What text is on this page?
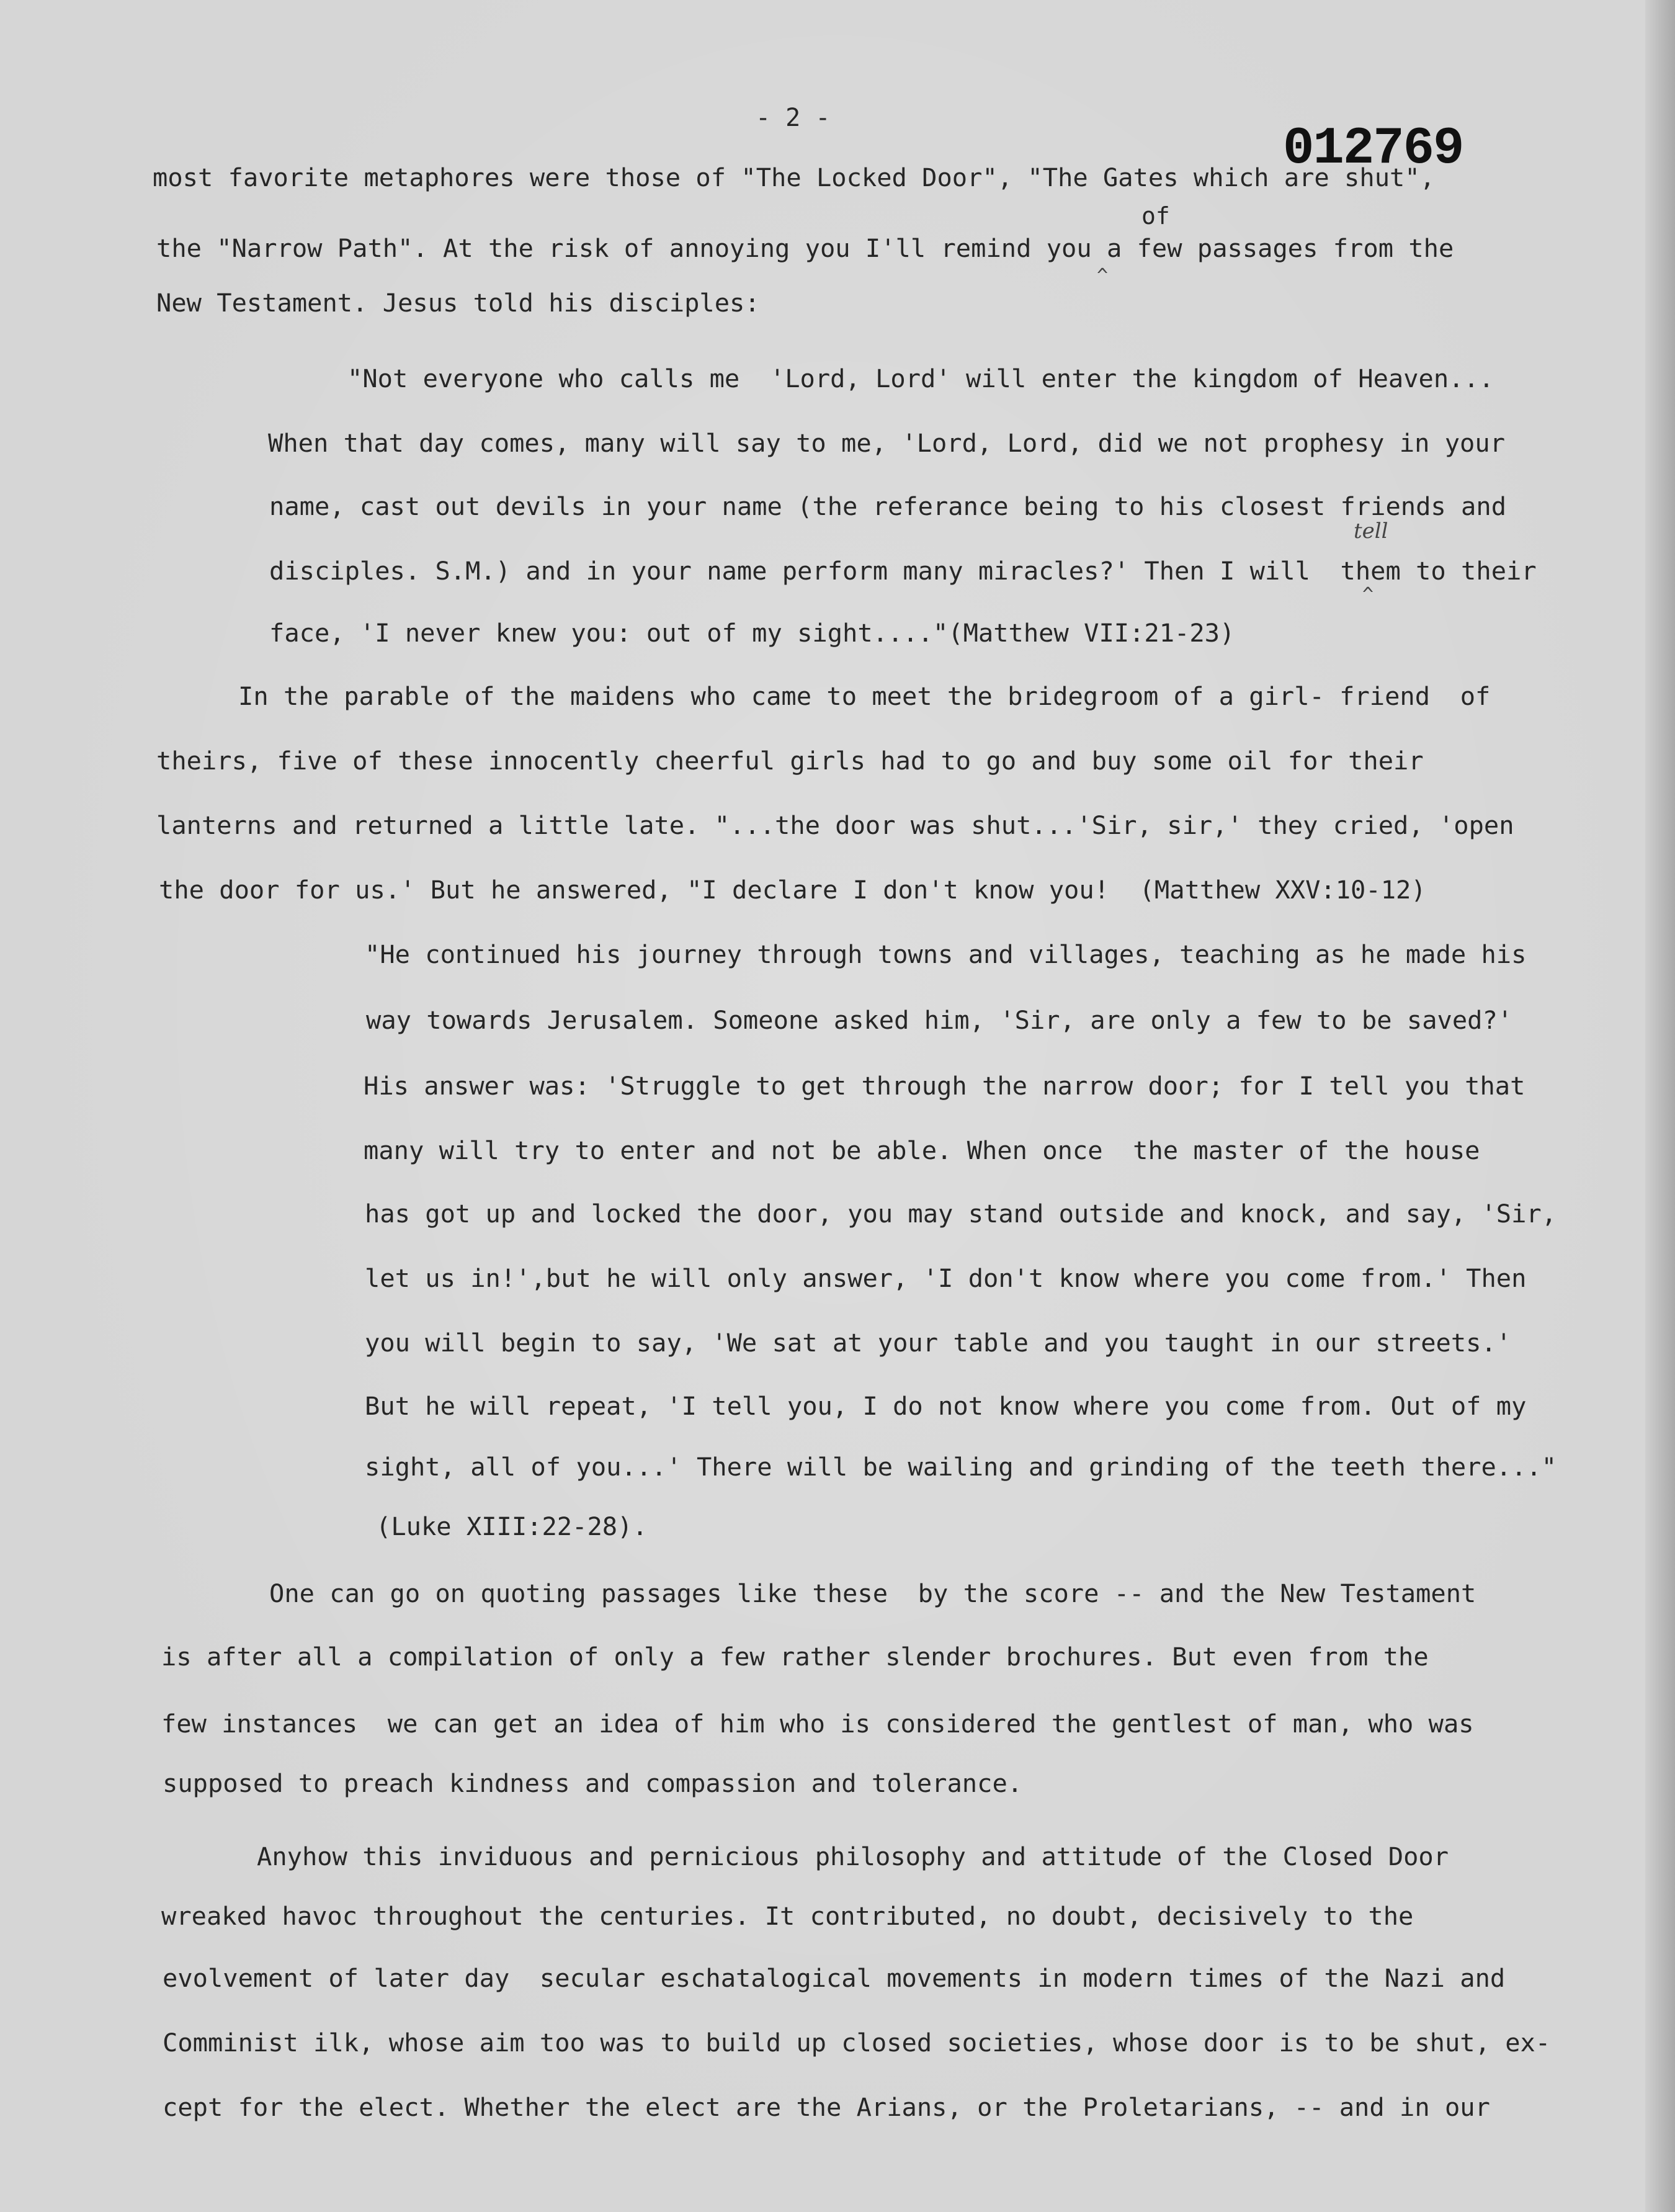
- 2 -
012769
most favorite metaphores were those of "The Locked Door", "The Gates which are shut",
of
the "Narrow Path". At the risk of annoying you I'll remind you a few passages from the
^
New Testament. Jesus told his disciples:
"Not everyone who calls me  'Lord, Lord' will enter the kingdom of Heaven...
When that day comes, many will say to me, 'Lord, Lord, did we not prophesy in your
name, cast out devils in your name (the referance being to his closest friends and
tell
disciples. S.M.) and in your name perform many miracles?' Then I will  them to their
^
face, 'I never knew you: out of my sight...."(Matthew VII:21-23)
In the parable of the maidens who came to meet the bridegroom of a girl- friend  of
theirs, five of these innocently cheerful girls had to go and buy some oil for their
lanterns and returned a little late. "...the door was shut...'Sir, sir,' they cried, 'open
the door for us.' But he answered, "I declare I don't know you!  (Matthew XXV:10-12)
"He continued his journey through towns and villages, teaching as he made his
way towards Jerusalem. Someone asked him, 'Sir, are only a few to be saved?'
His answer was: 'Struggle to get through the narrow door; for I tell you that
many will try to enter and not be able. When once  the master of the house
has got up and locked the door, you may stand outside and knock, and say, 'Sir,
let us in!',but he will only answer, 'I don't know where you come from.' Then
you will begin to say, 'We sat at your table and you taught in our streets.'
But he will repeat, 'I tell you, I do not know where you come from. Out of my
sight, all of you...' There will be wailing and grinding of the teeth there..."
(Luke XIII:22-28).
One can go on quoting passages like these  by the score -- and the New Testament
is after all a compilation of only a few rather slender brochures. But even from the
few instances  we can get an idea of him who is considered the gentlest of man, who was
supposed to preach kindness and compassion and tolerance.
Anyhow this inviduous and pernicious philosophy and attitude of the Closed Door
wreaked havoc throughout the centuries. It contributed, no doubt, decisively to the
evolvement of later day  secular eschatalogical movements in modern times of the Nazi and
Comminist ilk, whose aim too was to build up closed societies, whose door is to be shut, ex-
cept for the elect. Whether the elect are the Arians, or the Proletarians, -- and in our
